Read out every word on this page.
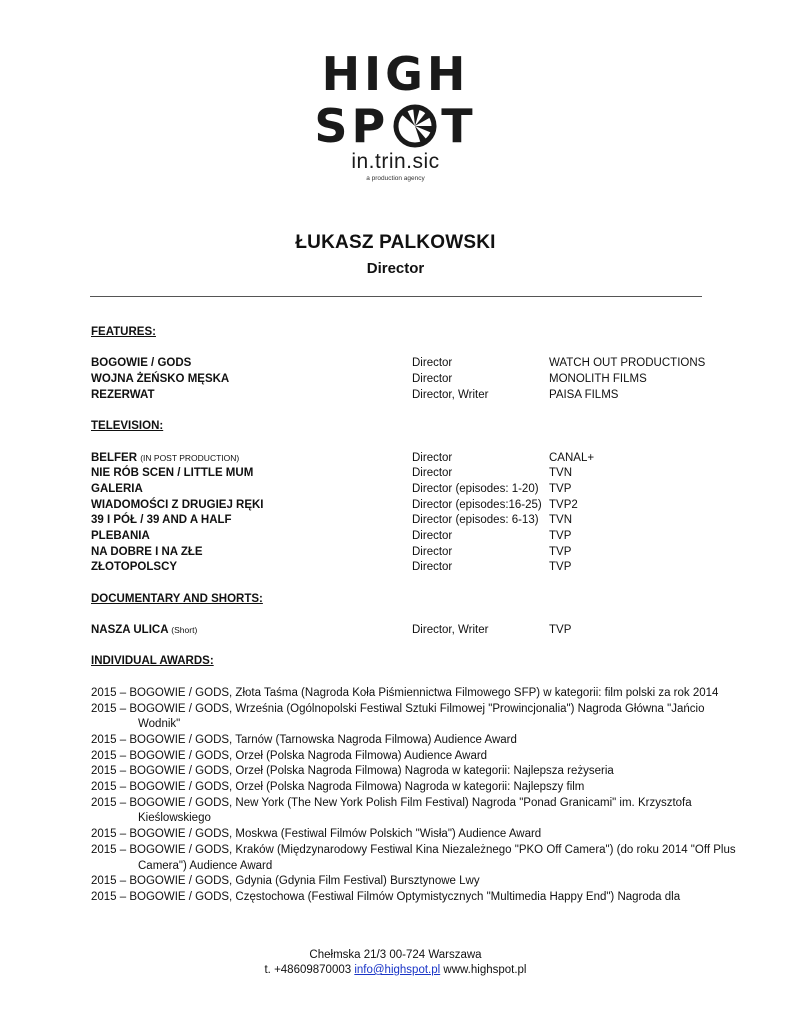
HIGH
SP T
in.trin.sic
a production agency
ŁUKASZ PALKOWSKI
Director
FEATURES:
BOGOWIE / GODS	Director	WATCH OUT PRODUCTIONS
WOJNA ŻEŃSKO MĘSKA	Director	MONOLITH FILMS
REZERWAT	Director, Writer	PAISA FILMS
TELEVISION:
BELFER (IN POST PRODUCTION)	Director	CANAL+
NIE RÓB SCEN / LITTLE MUM	Director	TVN
GALERIA	Director (episodes: 1-20) TVP
WIADOMOŚCI Z DRUGIEJ RĘKI	Director (episodes:16-25) TVP2
39 I PÓŁ / 39 AND A HALF	Director (episodes: 6-13) TVN
PLEBANIA	Director	TVP
NA DOBRE I NA ZŁE	Director	TVP
ZŁOTOPOLSCY	Director	TVP
DOCUMENTARY AND SHORTS:
NASZA ULICA (Short)	Director, Writer	TVP
INDIVIDUAL AWARDS:
2015 – BOGOWIE / GODS, Złota Taśma (Nagroda Koła Piśmiennictwa Filmowego SFP) w kategorii: film polski za rok 2014
2015 – BOGOWIE / GODS, Września (Ogólnopolski Festiwal Sztuki Filmowej "Prowincjonalia") Nagroda Główna "Jańcio Wodnik"
2015 – BOGOWIE / GODS, Tarnów (Tarnowska Nagroda Filmowa) Audience Award
2015 – BOGOWIE / GODS, Orzeł (Polska Nagroda Filmowa) Audience Award
2015 – BOGOWIE / GODS, Orzeł (Polska Nagroda Filmowa) Nagroda w kategorii: Najlepsza reżyseria
2015 – BOGOWIE / GODS, Orzeł (Polska Nagroda Filmowa) Nagroda w kategorii: Najlepszy film
2015 – BOGOWIE / GODS, New York (The New York Polish Film Festival) Nagroda "Ponad Granicami" im. Krzysztofa Kieślowskiego
2015 – BOGOWIE / GODS, Moskwa (Festiwal Filmów Polskich "Wisła") Audience Award
2015 – BOGOWIE / GODS, Kraków (Międzynarodowy Festiwal Kina Niezależnego "PKO Off Camera") (do roku 2014 "Off Plus Camera") Audience Award
2015 – BOGOWIE / GODS, Gdynia (Gdynia Film Festival) Bursztynowe Lwy
2015 – BOGOWIE / GODS, Częstochowa (Festiwal Filmów Optymistycznych "Multimedia Happy End") Nagroda dla
Chełmska 21/3 00-724 Warszawa
t. +48609870003 info@highspot.pl www.highspot.pl
